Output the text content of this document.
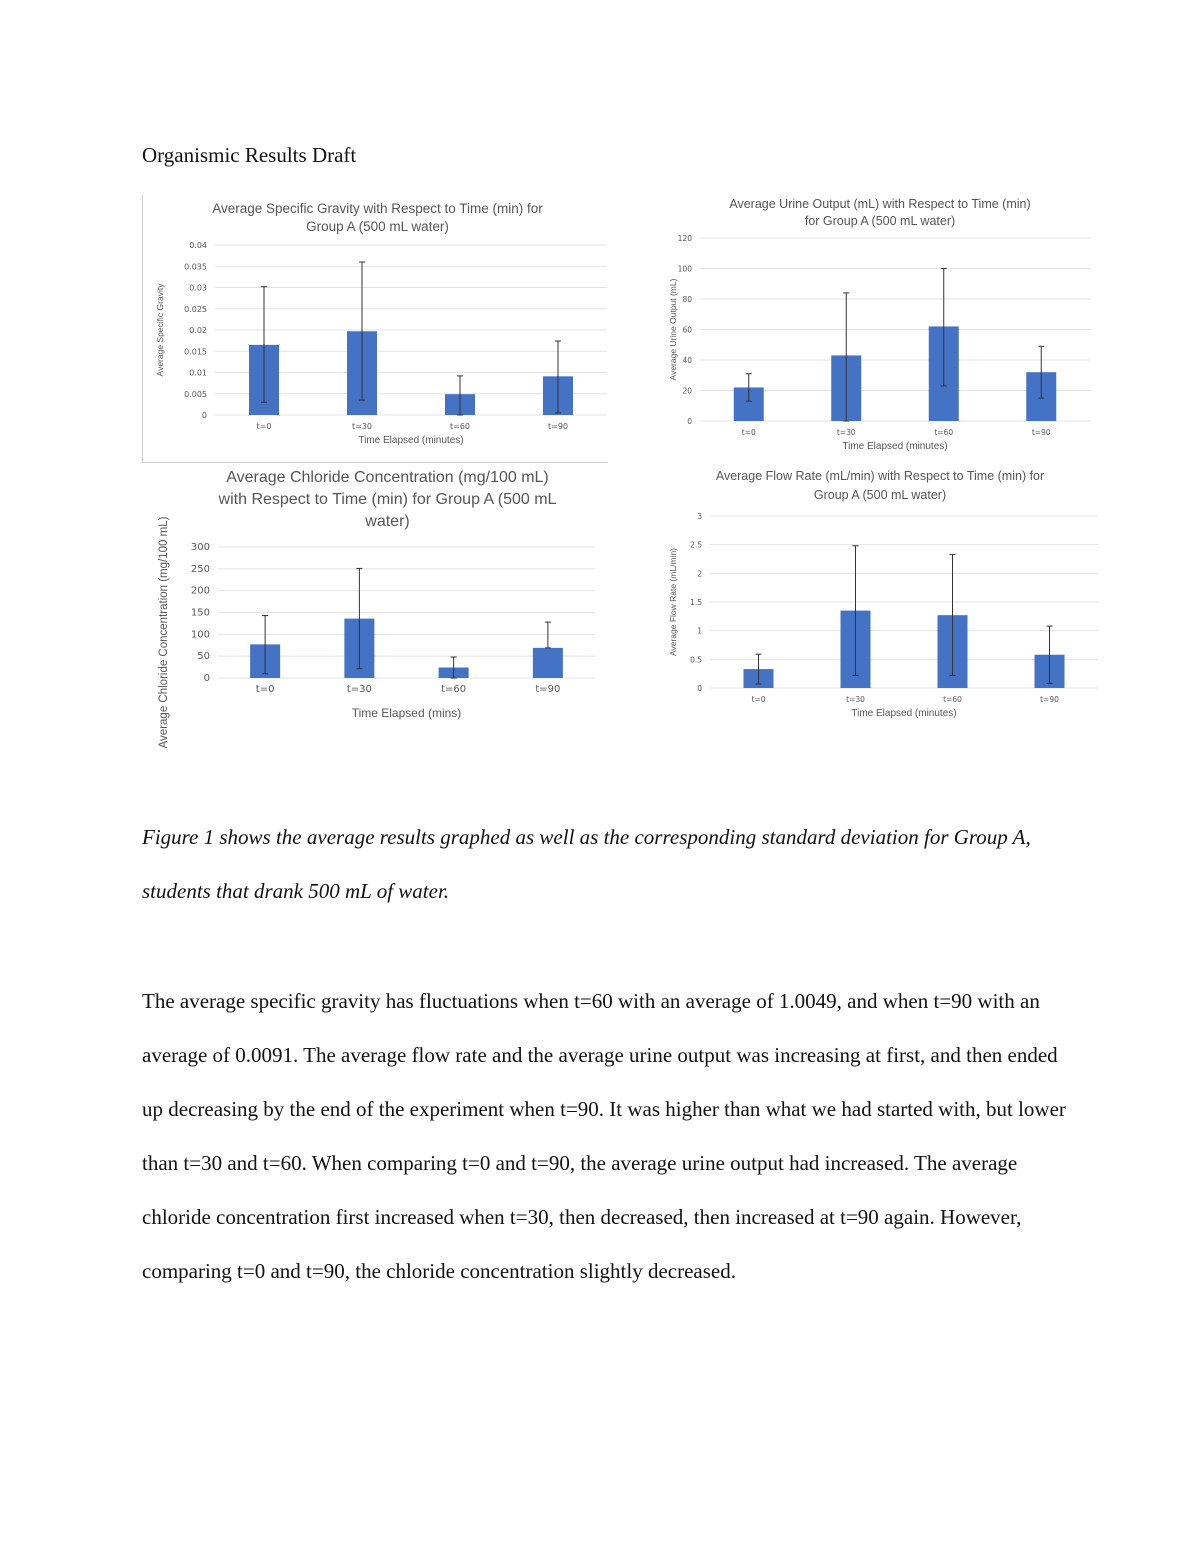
Organismic Results Draft
Average Specific Gravity with Respect to Time (min) for
Group A (500 mL water)
0
0.005
0.01
0.015
0.02
0.025
0.03
0.035
0.04
t=0	t=30	t=60	t=90
Time Elapsed (minutes)
Average Specific Gravity
Average Urine Output (mL) with Respect to Time (min)
for Group A (500 mL water)
0
20
40
60
80
100
120
t=0	t=30	t=60	t=90
Time Elapsed (minutes)
Average Urine Output (mL)
Average Chloride Concentration (mg/100 mL)
with Respect to Time (min) for Group A (500 mL
water)
0
50
100
150
200
250
300
t=0	t=30	t=60	t=90
Time Elapsed (mins)
Average Chloride Concentration (mg/100 mL)
Average Flow Rate (mL/min) with Respect to Time (min) for
Group A (500 mL water)
0
0.5
1
1.5
2
2.5
3
t=0	t=30	t=60	t=90
Time Elapsed (minutes)
Average Flow Rate (mL/min)

Figure 1 shows the average results graphed as well as the corresponding standard deviation for Group A, students that drank 500 mL of water.

The average specific gravity has fluctuations when t=60 with an average of 1.0049, and when t=90 with an average of 0.0091. The average flow rate and the average urine output was increasing at first, and then ended up decreasing by the end of the experiment when t=90. It was higher than what we had started with, but lower than t=30 and t=60. When comparing t=0 and t=90, the average urine output had increased. The average chloride concentration first increased when t=30, then decreased, then increased at t=90 again. However, comparing t=0 and t=90, the chloride concentration slightly decreased.
